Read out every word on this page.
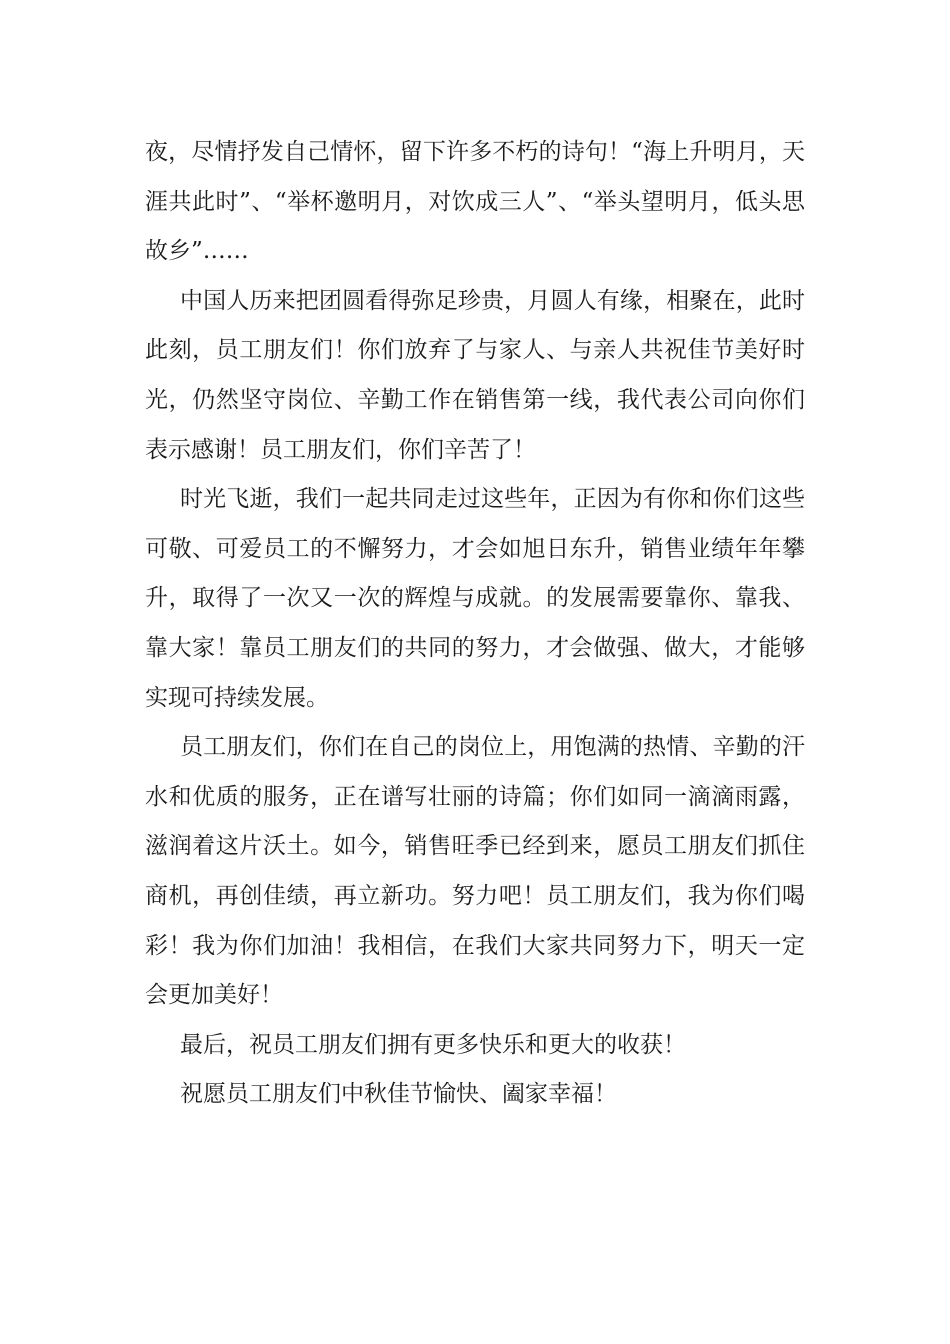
夜，尽情抒发自己情怀，留下许多不朽的诗句！“海上升明月，天涯共此时”、“举杯邀明月，对饮成三人”、“举头望明月，低头思故乡”……

中国人历来把团圆看得弥足珍贵，月圆人有缘，相聚在，此时此刻，员工朋友们！你们放弃了与家人、与亲人共祝佳节美好时光，仍然坚守岗位、辛勤工作在销售第一线，我代表公司向你们表示感谢！员工朋友们，你们辛苦了！

时光飞逝，我们一起共同走过这些年，正因为有你和你们这些可敬、可爱员工的不懈努力，才会如旭日东升，销售业绩年年攀升，取得了一次又一次的辉煌与成就。的发展需要靠你、靠我、靠大家！靠员工朋友们的共同的努力，才会做强、做大，才能够实现可持续发展。

员工朋友们，你们在自己的岗位上，用饱满的热情、辛勤的汗水和优质的服务，正在谱写壮丽的诗篇；你们如同一滴滴雨露，滋润着这片沃土。如今，销售旺季已经到来，愿员工朋友们抓住商机，再创佳绩，再立新功。努力吧！员工朋友们，我为你们喝彩！我为你们加油！我相信，在我们大家共同努力下，明天一定会更加美好！

最后，祝员工朋友们拥有更多快乐和更大的收获！

祝愿员工朋友们中秋佳节愉快、阖家幸福！
